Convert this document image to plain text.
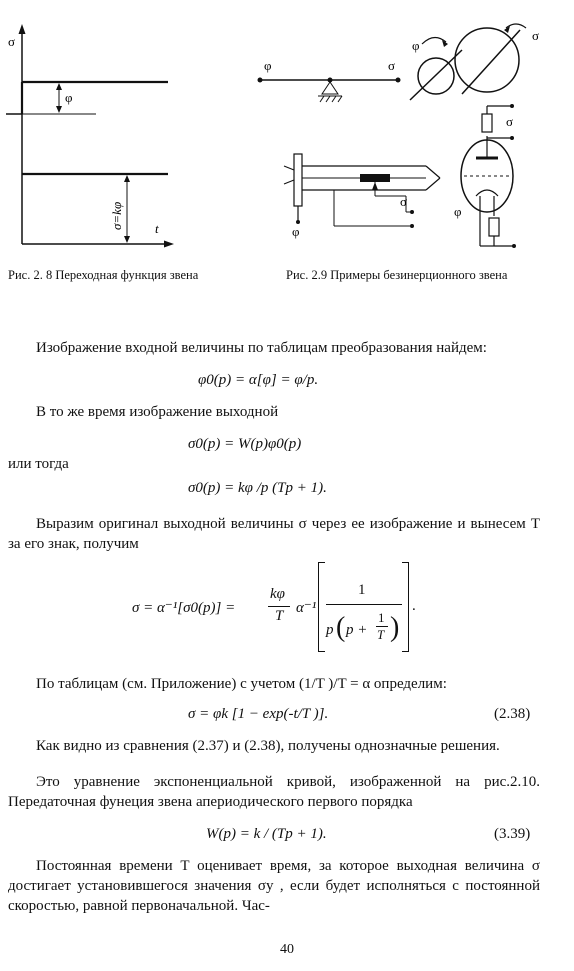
σ
φ
t
σ=kφ
φ	σ
φ
σ
σ
φ
σ
φ
Рис. 2. 8 Переходная функция звена	Рис. 2.9 Примеры безинерционного звена
Изображение входной величины по таблицам преобразования найдем:
φ0(p) = α[φ] = φ/p.
В то же время изображение выходной
σ0(p) = W(p)φ0(p)
или тогда
σ0(p) = kφ /p (Tp + 1).
Выразим оригинал выходной величины σ через ее изображение и вынесем T за его знак, получим
σ = α⁻¹[σ0(p)] =
kφ
T α⁻¹
1
p ( p +
1
T )
.
По таблицам (см. Приложение) с учетом (1/T )/T = α определим:
σ = φk [1 − exp(-t/T )].	(2.38)
Как видно из сравнения (2.37) и (2.38), получены однозначные решения.
Это уравнение экспоненциальной кривой, изображенной на рис.2.10. Передаточная фунеция звена апериодического первого порядка
W(p) = k / (Tp + 1).	(3.39)
Постоянная времени T оценивает время, за которое выходная величина σ достигает установившегося значения σy , если будет исполняться с постоянной скоростью, равной первоначальной. Час-
40
